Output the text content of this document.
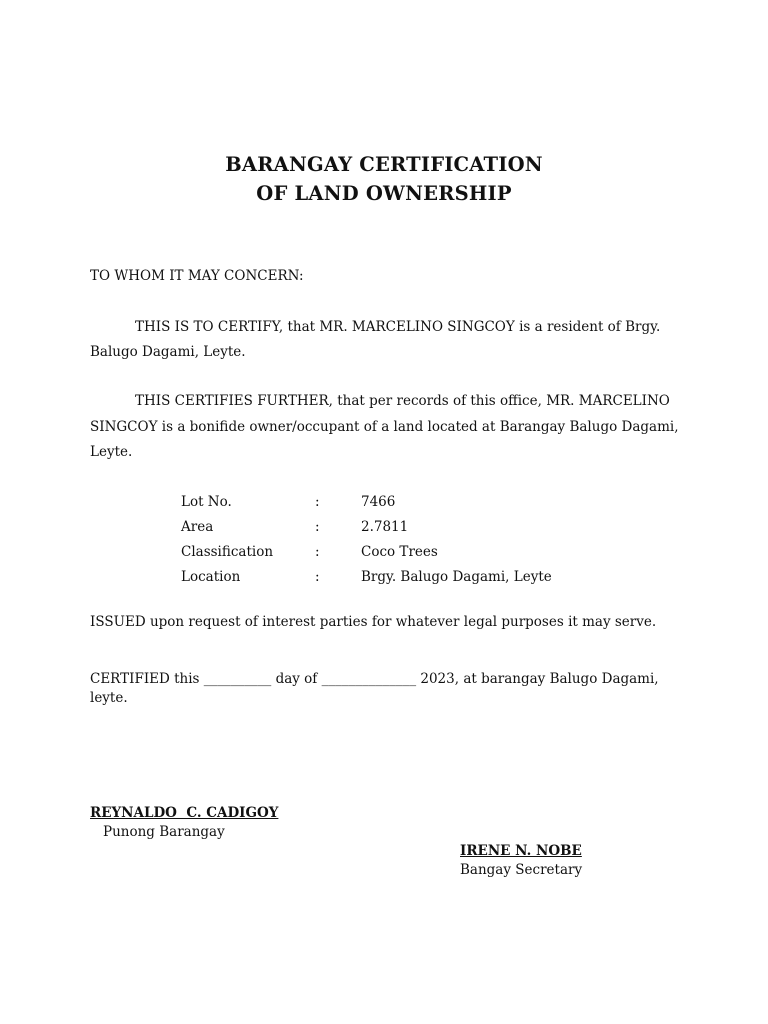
BARANGAY CERTIFICATION
OF LAND OWNERSHIP
TO WHOM IT MAY CONCERN:
THIS IS TO CERTIFY, that MR. MARCELINO SINGCOY is a resident of Brgy.
Balugo Dagami, Leyte.
THIS CERTIFIES FURTHER, that per records of this office, MR. MARCELINO
SINGCOY is a bonifide owner/occupant of a land located at Barangay Balugo Dagami,
Leyte.
Lot No.	:	7466
Area	:	2.7811
Classification	:	Coco Trees
Location	:	Brgy. Balugo Dagami, Leyte
ISSUED upon request of interest parties for whatever legal purposes it may serve.
CERTIFIED this __________ day of ______________ 2023, at barangay Balugo Dagami,
leyte.
REYNALDO  C. CADIGOY
Punong Barangay
IRENE N. NOBE
Bangay Secretary
